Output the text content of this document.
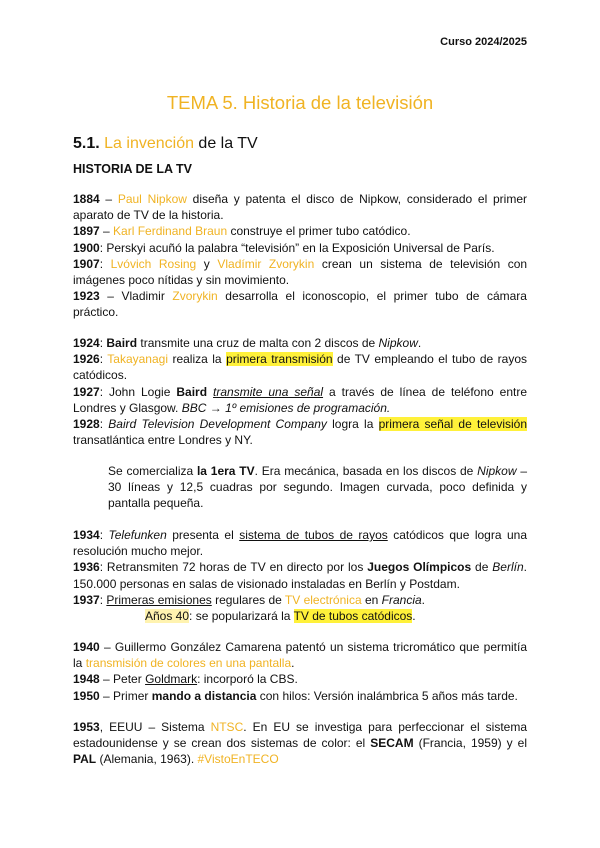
Curso 2024/2025
TEMA 5. Historia de la televisión
5.1. La invención de la TV
HISTORIA DE LA TV
1884 – Paul Nipkow diseña y patenta el disco de Nipkow, considerado el primer aparato de TV de la historia.
1897 – Karl Ferdinand Braun construye el primer tubo catódico.
1900: Perskyi acuñó la palabra “televisión” en la Exposición Universal de París.
1907: Lvóvich Rosing y Vladímir Zvorykin crean un sistema de televisión con imágenes poco nítidas y sin movimiento.
1923 – Vladimir Zvorykin desarrolla el iconoscopio, el primer tubo de cámara práctico.
1924: Baird transmite una cruz de malta con 2 discos de Nipkow.
1926: Takayanagi realiza la primera transmisión de TV empleando el tubo de rayos catódicos.
1927: John Logie Baird transmite una señal a través de línea de teléfono entre Londres y Glasgow. BBC → 1º emisiones de programación.
1928: Baird Television Development Company logra la primera señal de televisión transatlántica entre Londres y NY.
Se comercializa la 1era TV. Era mecánica, basada en los discos de Nipkow – 30 líneas y 12,5 cuadras por segundo. Imagen curvada, poco definida y pantalla pequeña.
1934: Telefunken presenta el sistema de tubos de rayos catódicos que logra una resolución mucho mejor.
1936: Retransmiten 72 horas de TV en directo por los Juegos Olímpicos de Berlín. 150.000 personas en salas de visionado instaladas en Berlín y Postdam.
1937: Primeras emisiones regulares de TV electrónica en Francia.
Años 40: se popularizará la TV de tubos catódicos.
1940 – Guillermo González Camarena patentó un sistema tricromático que permitía la transmisión de colores en una pantalla.
1948 – Peter Goldmark: incorporó la CBS.
1950 – Primer mando a distancia con hilos: Versión inalámbrica 5 años más tarde.
1953, EEUU – Sistema NTSC. En EU se investiga para perfeccionar el sistema estadounidense y se crean dos sistemas de color: el SECAM (Francia, 1959) y el PAL (Alemania, 1963). #VistoEnTECO
